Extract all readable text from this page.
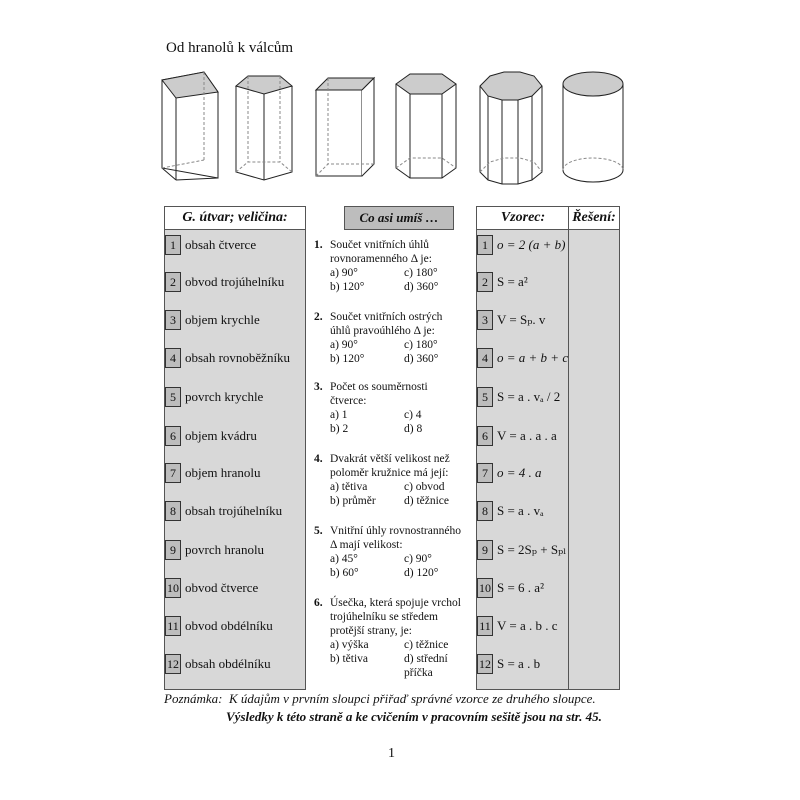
Od hranolů k válcům
G. útvar; veličina:
1 obsah čtverce
2 obvod trojúhelníku
3 objem krychle
4 obsah rovnoběžníku
5 povrch krychle
6 objem kvádru
7 objem hranolu
8 obsah trojúhelníku
9 povrch hranolu
10 obvod čtverce
11 obvod obdélníku
12 obsah obdélníku
Co asi umíš …
1. Součet vnitřních úhlů rovnoramenného Δ je:
a) 90°	c) 180°
b) 120°	d) 360°
2. Součet vnitřních ostrých úhlů pravoúhlého Δ je:
a) 90°	c) 180°
b) 120°	d) 360°
3. Počet os souměrnosti čtverce:
a) 1	c) 4
b) 2	d) 8
4. Dvakrát větší velikost než poloměr kružnice má její:
a) tětiva	c) obvod
b) průměr	d) těžnice
5. Vnitřní úhly rovnostranného Δ mají velikost:
a) 45°	c) 90°
b) 60°	d) 120°
6. Úsečka, která spojuje vrchol trojúhelníku se středem protější strany, je:
a) výška	c) těžnice
b) tětiva	d) střední příčka
Vzorec:
1 o = 2 (a + b)
2 S = a²
3 V = Sₚ. v
4 o = a + b + c
5 S = a . vₐ / 2
6 V = a . a . a
7 o = 4 . a
8 S = a . vₐ
9 S = 2Sₚ + Sₚₗ
10 S = 6 . a²
11 V = a . b . c
12 S = a . b
Řešení:
Poznámka: K údajům v prvním sloupci přiřaď správné vzorce ze druhého sloupce.
Výsledky k této straně a ke cvičením v pracovním sešitě jsou na str. 45.
1
